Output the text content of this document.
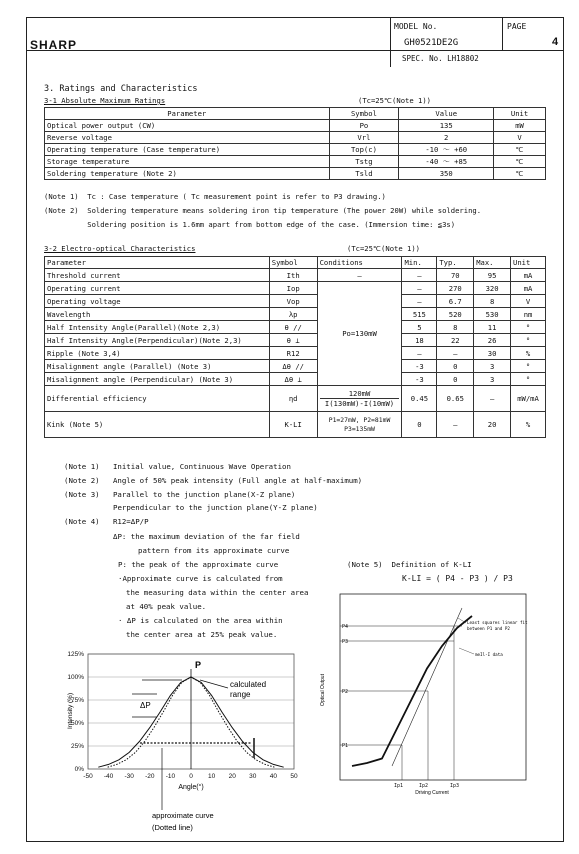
SHARP
MODEL No.
GH0521DE2G
PAGE
4
SPEC. No. LH18802
3. Ratings and Characteristics
3-1 Absolute Maximum Ratings	(Tc=25℃(Note 1))
Parameter	Symbol	Value	Unit
Optical power output (CW)	Po	135	mW
Reverse voltage	Vrl	2	V
Operating temperature (Case temperature)	Top(c)	-10 ～ +60	℃
Storage temperature	Tstg	-40 ～ +85	℃
Soldering temperature (Note 2)	Tsld	350	℃
(Note 1)  Tc : Case temperature ( Tc measurement point is refer to P3 drawing.)
(Note 2)  Soldering temperature means soldering iron tip temperature (The power 20W) while soldering.
Soldering position is 1.6mm apart from bottom edge of the case. (Immersion time: ≦3s)
3-2 Electro-optical Characteristics	(Tc=25℃(Note 1))
Parameter	Symbol	Conditions	Min.	Typ.	Max.	Unit
Threshold current	Ith	—	–	70	95	mA
Operating current	Iop	Po=130mW	–	270	320	mA
Operating voltage	Vop		–	6.7	8	V
Wavelength	λp		515	520	530	nm
Half Intensity Angle(Parallel)(Note 2,3)	θ //		5	8	11	°
Half Intensity Angle(Perpendicular)(Note 2,3)	θ ⊥		18	22	26	°
Ripple (Note 3,4)	R12		–	–	30	%
Misalignment angle (Parallel) (Note 3)	Δθ //		-3	0	3	°
Misalignment angle (Perpendicular) (Note 3)	Δθ ⊥		-3	0	3	°
Differential efficiency	ηd	120mW
I(130mW)-I(10mW)	0.45	0.65	–	mW/mA
Kink (Note 5)	K-LI	P1=27mW, P2=81mW
P3=135mW	0	–	20	%
(Note 1)   Initial value, Continuous Wave Operation
(Note 2)   Angle of 50% peak intensity (Full angle at half-maximum)
(Note 3)   Parallel to the junction plane(X-Z plane)
Perpendicular to the junction plane(Y-Z plane)
(Note 4)   R12=ΔP/P
ΔP: the maximum deviation of the far field
pattern from its approximate curve
P: the peak of the approximate curve
·Approximate curve is calculated from
the measuring data within the center area
at 40% peak value.
· ΔP is calculated on the area within
the center area at 25% peak value.
(Note 5)  Definition of K-LI
K-LI = ( P4 - P3 ) / P3
125%
100%
75%
50%
25%
0%
-50 -40 -30 -20 -10 0 10 20 30 40 50
Angle(°)
Intensity (%)
P
ΔP
calculated
range
approximate curve
(Dotted line)
Optical Output
Driving Current
P4
P3
P2
P1
Ip1	Ip2	Ip3
Least squares linear fit
between P1 and P2
meIl-I data
